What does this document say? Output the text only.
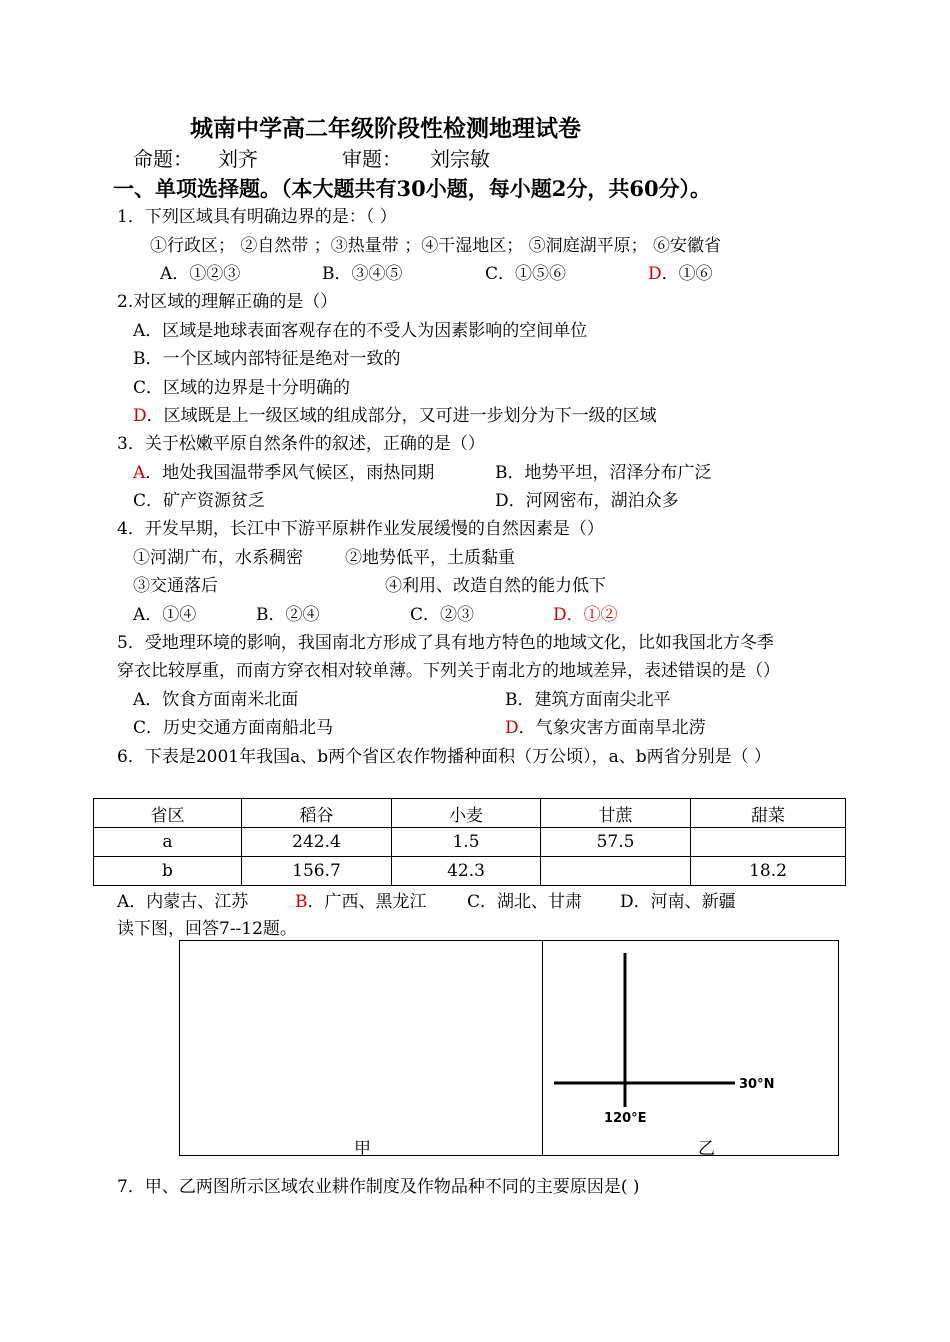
城南中学高二年级阶段性检测地理试卷
命题： 刘齐	审题： 刘宗敏
一、单项选择题。（本大题共有30小题，每小题2分，共60分）。
1．下列区域具有明确边界的是：（ ）
①行政区； ②自然带 ；③热量带 ；④干湿地区； ⑤洞庭湖平原； ⑥安徽省
A．①②③	B．③④⑤	C．①⑤⑥	D．①⑥
2.对区域的理解正确的是（）
A．区域是地球表面客观存在的不受人为因素影响的空间单位
B．一个区域内部特征是绝对一致的
C．区域的边界是十分明确的
D．区域既是上一级区域的组成部分，又可进一步划分为下一级的区域
3．关于松嫩平原自然条件的叙述，正确的是（）
A．地处我国温带季风气候区，雨热同期	B．地势平坦，沼泽分布广泛
C．矿产资源贫乏	D．河网密布，湖泊众多
4．开发早期，长江中下游平原耕作业发展缓慢的自然因素是（）
①河湖广布，水系稠密 ②地势低平，土质黏重
③交通落后	④利用、改造自然的能力低下
A．①④	B．②④	C．②③	D．①②
5．受地理环境的影响，我国南北方形成了具有地方特色的地域文化，比如我国北方冬季
穿衣比较厚重，而南方穿衣相对较单薄。下列关于南北方的地域差异，表述错误的是（）
A．饮食方面南米北面	B．建筑方面南尖北平
C．历史交通方面南船北马	D．气象灾害方面南旱北涝
6．下表是2001年我国a、b两个省区农作物播种面积（万公顷），a、b两省分别是（ ）
省区	稻谷	小麦	甘蔗	甜菜
a	242.4	1.5	57.5	
b	156.7	42.3		18.2
A．内蒙古、江苏	B．广西、黑龙江 C．湖北、甘肃 D．河南、新疆
读下图，回答7--12题。
甲	乙
30°N
120°E
7．甲、乙两图所示区域农业耕作制度及作物品种不同的主要原因是( )
